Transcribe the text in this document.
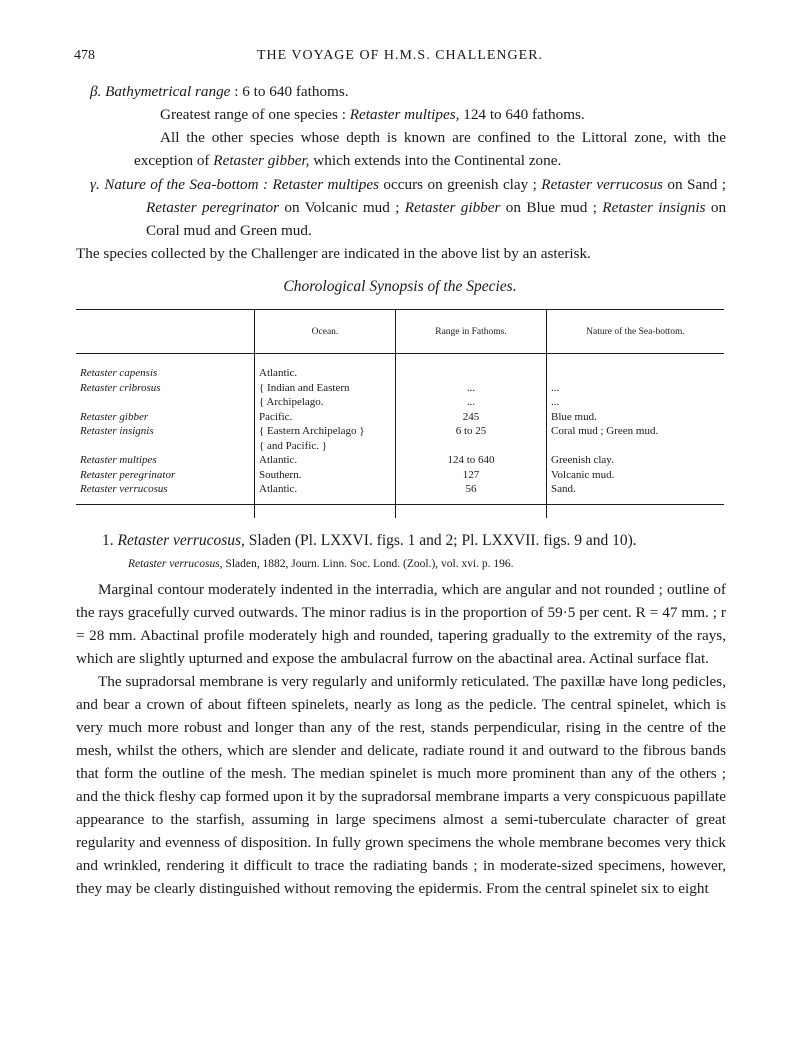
478	THE VOYAGE OF H.M.S. CHALLENGER.

β. Bathymetrical range : 6 to 640 fathoms.

Greatest range of one species : Retaster multipes, 124 to 640 fathoms.

All the other species whose depth is known are confined to the Littoral zone, with the exception of Retaster gibber, which extends into the Continental zone.

γ. Nature of the Sea-bottom : Retaster multipes occurs on greenish clay ; Retaster verrucosus on Sand ; Retaster peregrinator on Volcanic mud ; Retaster gibber on Blue mud ; Retaster insignis on Coral mud and Green mud.

The species collected by the Challenger are indicated in the above list by an asterisk.

Chorological Synopsis of the Species.
	Ocean.	Range in Fathoms.	Nature of the Sea-bottom.
Retaster capensis	Atlantic.		
Retaster cribrosus	{ Indian and Eastern	...	...
	{ Archipelago.	...	...
Retaster gibber	Pacific.	245	Blue mud.
Retaster insignis	{ Eastern Archipelago }	6 to 25	Coral mud ; Green mud.
	{ and Pacific. }		
Retaster multipes	Atlantic.	124 to 640	Greenish clay.
Retaster peregrinator	Southern.	127	Volcanic mud.
Retaster verrucosus	Atlantic.	56	Sand.
1. Retaster verrucosus, Sladen (Pl. LXXVI. figs. 1 and 2; Pl. LXXVII. figs. 9 and 10).
Retaster verrucosus, Sladen, 1882, Journ. Linn. Soc. Lond. (Zool.), vol. xvi. p. 196.

Marginal contour moderately indented in the interradia, which are angular and not rounded ; outline of the rays gracefully curved outwards. The minor radius is in the proportion of 59·5 per cent. R = 47 mm. ; r = 28 mm. Abactinal profile moderately high and rounded, tapering gradually to the extremity of the rays, which are slightly upturned and expose the ambulacral furrow on the abactinal area. Actinal surface flat.

The supradorsal membrane is very regularly and uniformly reticulated. The paxillæ have long pedicles, and bear a crown of about fifteen spinelets, nearly as long as the pedicle. The central spinelet, which is very much more robust and longer than any of the rest, stands perpendicular, rising in the centre of the mesh, whilst the others, which are slender and delicate, radiate round it and outward to the fibrous bands that form the outline of the mesh. The median spinelet is much more prominent than any of the others ; and the thick fleshy cap formed upon it by the supradorsal membrane imparts a very conspicuous papillate appearance to the starfish, assuming in large specimens almost a semi-tuberculate character of great regularity and evenness of disposition. In fully grown specimens the whole membrane becomes very thick and wrinkled, rendering it difficult to trace the radiating bands ; in moderate-sized specimens, however, they may be clearly distinguished without removing the epidermis. From the central spinelet six to eight
